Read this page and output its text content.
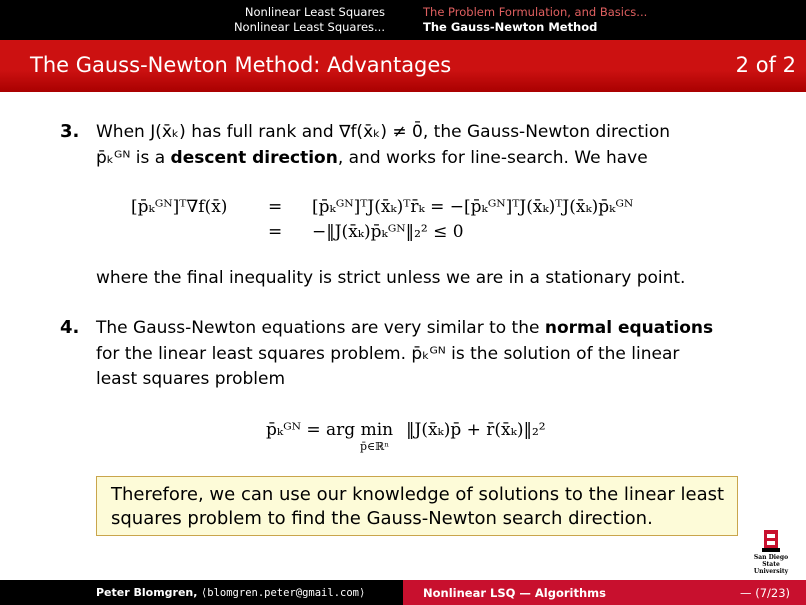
Nonlinear Least Squares
Nonlinear Least Squares...
The Problem Formulation, and Basics...
The Gauss-Newton Method
The Gauss-Newton Method: Advantages	2 of 2
3. When J(x̄ₖ) has full rank and ∇f(x̄ₖ) ≠ 0̄, the Gauss-Newton direction
p̄ₖᴳᴺ is a descent direction, and works for line-search. We have
where the final inequality is strict unless we are in a stationary point.
[p̄ₖᴳᴺ]ᵀ∇f(x̄) = [p̄ₖᴳᴺ]ᵀJ(x̄ₖ)ᵀr̄ₖ = −[p̄ₖᴳᴺ]ᵀJ(x̄ₖ)ᵀJ(x̄ₖ)p̄ₖᴳᴺ
= −‖J(x̄ₖ)p̄ₖᴳᴺ‖₂² ≤ 0
4. The Gauss-Newton equations are very similar to the normal equations
for the linear least squares problem. p̄ₖᴳᴺ is the solution of the linear
least squares problem
p̄ₖᴳᴺ = arg min
p̄∈ℝⁿ
‖J(x̄ₖ)p̄ + r̄(x̄ₖ)‖₂²
Therefore, we can use our knowledge of solutions to the linear least squares problem to find the Gauss-Newton search direction.
San Diego State
University
Peter Blomgren, ⟨blomgren.peter@gmail.com⟩	Nonlinear LSQ — Algorithms	— (7/23)
